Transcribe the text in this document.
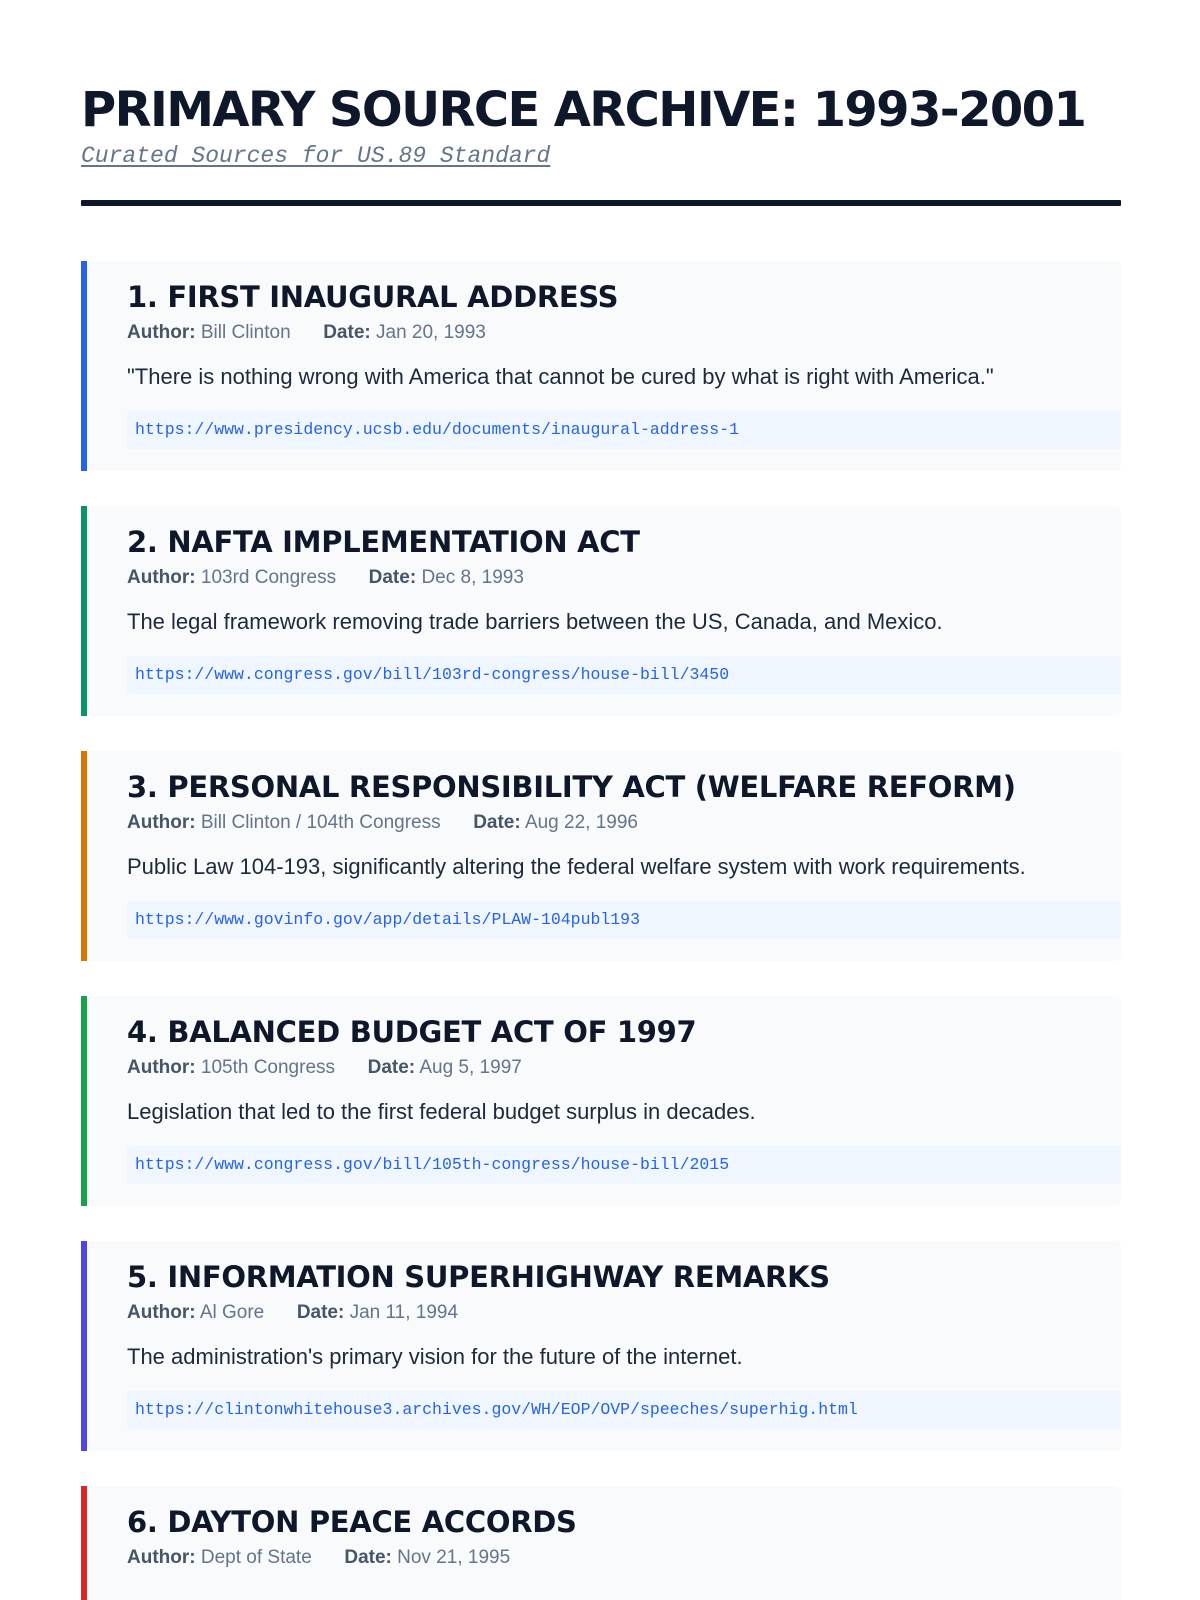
PRIMARY SOURCE ARCHIVE: 1993-2001
Curated Sources for US.89 Standard
1. FIRST INAUGURAL ADDRESS
Author: Bill Clinton Date: Jan 20, 1993

"There is nothing wrong with America that cannot be cured by what is right with America."

https://www.presidency.ucsb.edu/documents/inaugural-address-1
2. NAFTA IMPLEMENTATION ACT
Author: 103rd Congress Date: Dec 8, 1993

The legal framework removing trade barriers between the US, Canada, and Mexico.

https://www.congress.gov/bill/103rd-congress/house-bill/3450
3. PERSONAL RESPONSIBILITY ACT (WELFARE REFORM)
Author: Bill Clinton / 104th Congress Date: Aug 22, 1996

Public Law 104-193, significantly altering the federal welfare system with work requirements.

https://www.govinfo.gov/app/details/PLAW-104publ193
4. BALANCED BUDGET ACT OF 1997
Author: 105th Congress Date: Aug 5, 1997

Legislation that led to the first federal budget surplus in decades.

https://www.congress.gov/bill/105th-congress/house-bill/2015
5. INFORMATION SUPERHIGHWAY REMARKS
Author: Al Gore Date: Jan 11, 1994

The administration's primary vision for the future of the internet.

https://clintonwhitehouse3.archives.gov/WH/EOP/OVP/speeches/superhig.html
6. DAYTON PEACE ACCORDS
Author: Dept of State Date: Nov 21, 1995
